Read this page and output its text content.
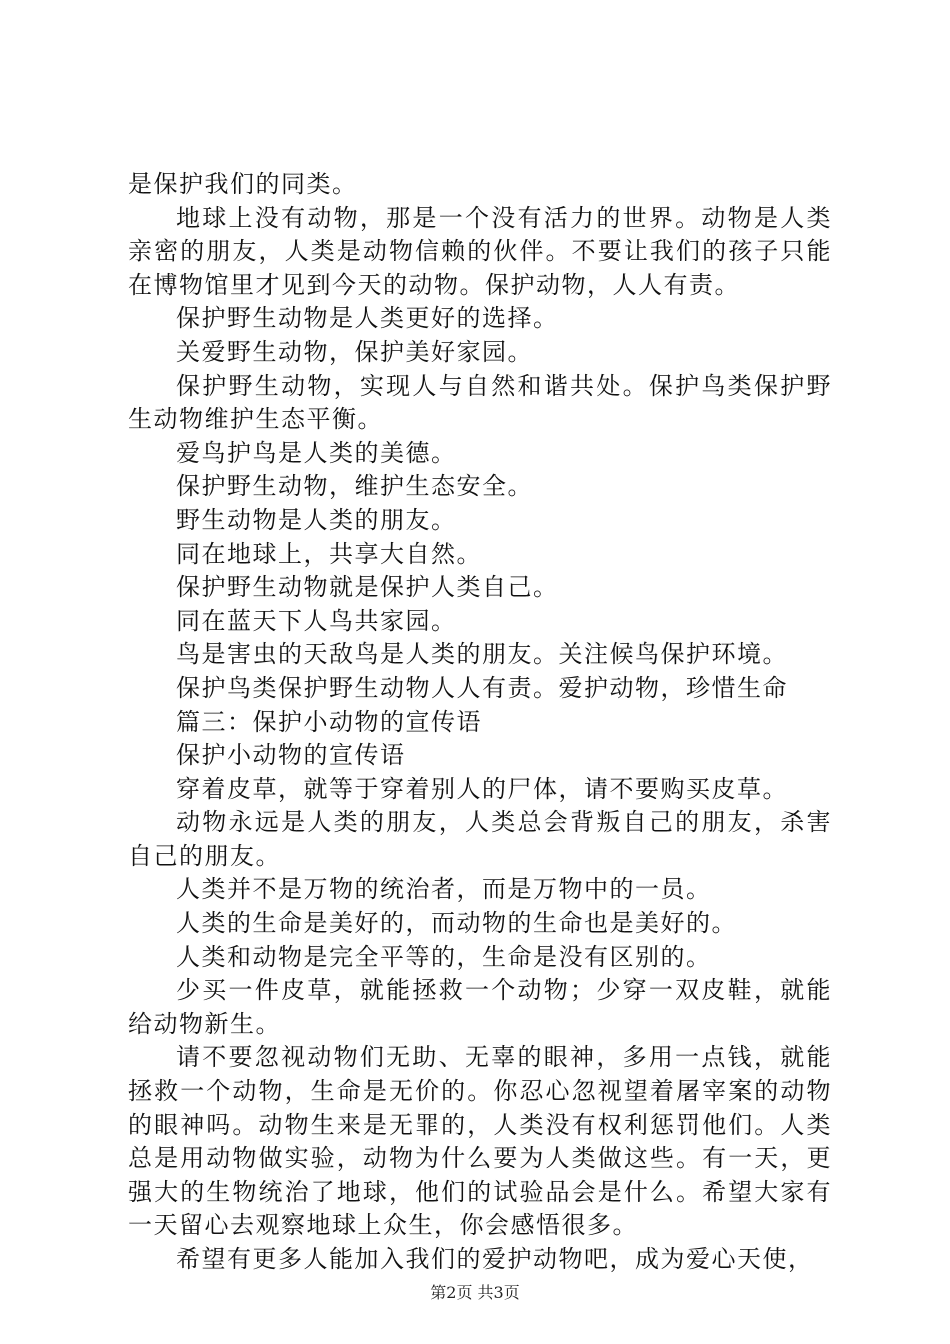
是保护我们的同类。

地球上没有动物，那是一个没有活力的世界。动物是人类亲密的朋友，人类是动物信赖的伙伴。不要让我们的孩子只能在博物馆里才见到今天的动物。保护动物，人人有责。

保护野生动物是人类更好的选择。

关爱野生动物，保护美好家园。

保护野生动物，实现人与自然和谐共处。保护鸟类保护野生动物维护生态平衡。

爱鸟护鸟是人类的美德。

保护野生动物，维护生态安全。

野生动物是人类的朋友。

同在地球上，共享大自然。

保护野生动物就是保护人类自己。

同在蓝天下人鸟共家园。

鸟是害虫的天敌鸟是人类的朋友。关注候鸟保护环境。

保护鸟类保护野生动物人人有责。爱护动物，珍惜生命

篇三：保护小动物的宣传语

保护小动物的宣传语

穿着皮草，就等于穿着别人的尸体，请不要购买皮草。

动物永远是人类的朋友，人类总会背叛自己的朋友，杀害自己的朋友。

人类并不是万物的统治者，而是万物中的一员。

人类的生命是美好的，而动物的生命也是美好的。

人类和动物是完全平等的，生命是没有区别的。

少买一件皮草，就能拯救一个动物；少穿一双皮鞋，就能给动物新生。

请不要忽视动物们无助、无辜的眼神，多用一点钱，就能拯救一个动物，生命是无价的。你忍心忽视望着屠宰案的动物的眼神吗。动物生来是无罪的，人类没有权利惩罚他们。人类总是用动物做实验，动物为什么要为人类做这些。有一天，更强大的生物统治了地球，他们的试验品会是什么。希望大家有一天留心去观察地球上众生，你会感悟很多。

希望有更多人能加入我们的爱护动物吧，成为爱心天使，

第2页 共3页
